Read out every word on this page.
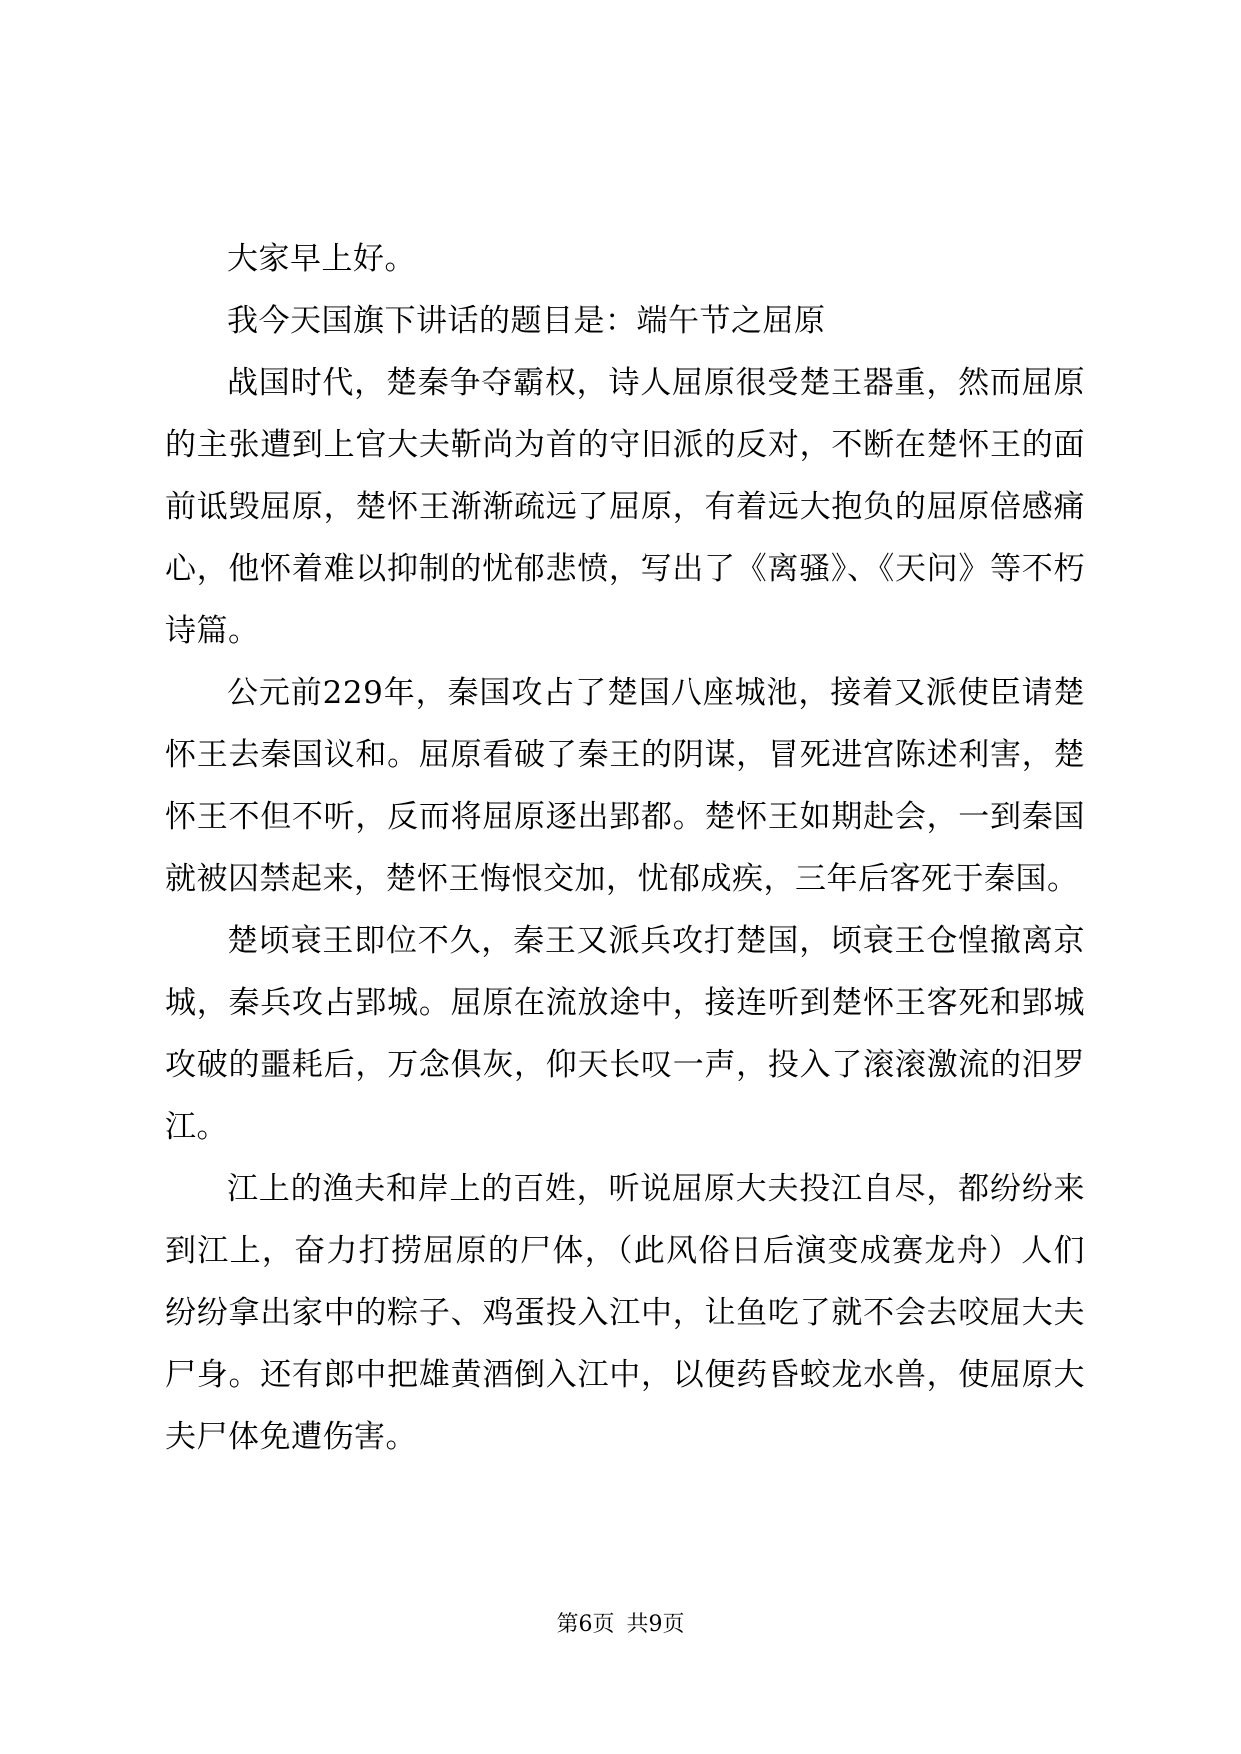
大家早上好。

我今天国旗下讲话的题目是：端午节之屈原

战国时代，楚秦争夺霸权，诗人屈原很受楚王器重，然而屈原的主张遭到上官大夫靳尚为首的守旧派的反对，不断在楚怀王的面前诋毁屈原，楚怀王渐渐疏远了屈原，有着远大抱负的屈原倍感痛心，他怀着难以抑制的忧郁悲愤，写出了《离骚》、《天问》等不朽诗篇。

公元前229年，秦国攻占了楚国八座城池，接着又派使臣请楚怀王去秦国议和。屈原看破了秦王的阴谋，冒死进宫陈述利害，楚怀王不但不听，反而将屈原逐出郢都。楚怀王如期赴会，一到秦国就被囚禁起来，楚怀王悔恨交加，忧郁成疾，三年后客死于秦国。

楚顷衰王即位不久，秦王又派兵攻打楚国，顷衰王仓惶撤离京城，秦兵攻占郢城。屈原在流放途中，接连听到楚怀王客死和郢城攻破的噩耗后，万念俱灰，仰天长叹一声，投入了滚滚激流的汨罗江。

江上的渔夫和岸上的百姓，听说屈原大夫投江自尽，都纷纷来到江上，奋力打捞屈原的尸体，（此风俗日后演变成赛龙舟）人们纷纷拿出家中的粽子、鸡蛋投入江中，让鱼吃了就不会去咬屈大夫尸身。还有郎中把雄黄酒倒入江中，以便药昏蛟龙水兽，使屈原大夫尸体免遭伤害。

第6页 共9页
